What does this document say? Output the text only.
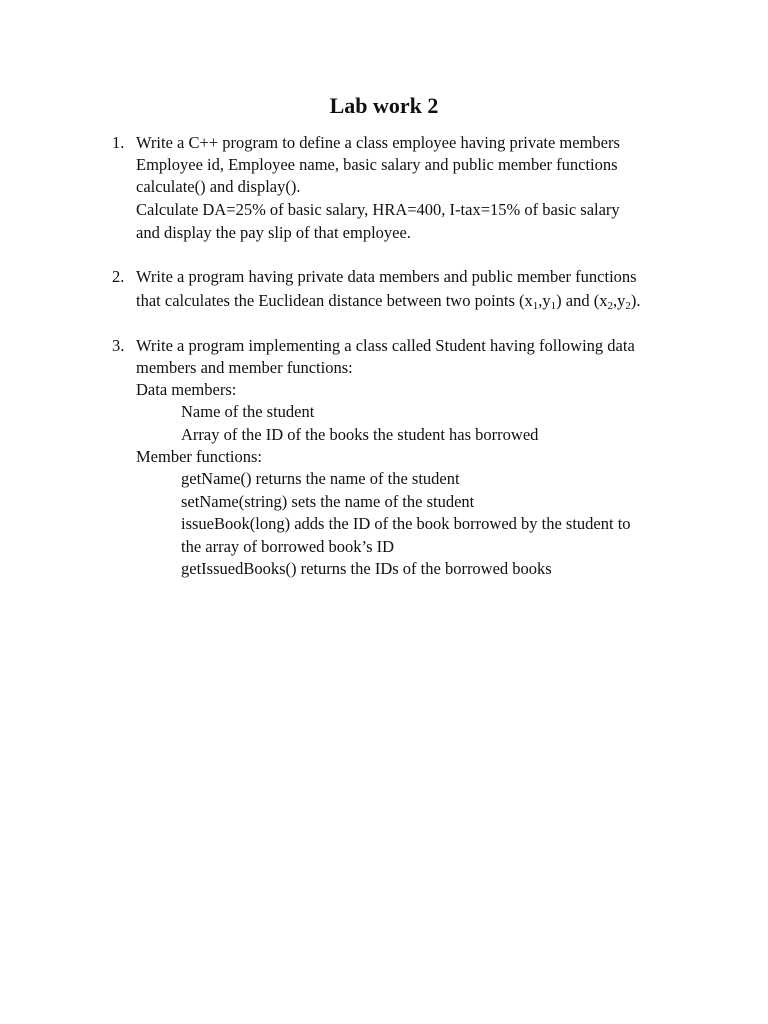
Lab work 2
1. Write a C++ program to define a class employee having private members
Employee id, Employee name, basic salary and public member functions
calculate() and display().
Calculate DA=25% of basic salary, HRA=400, I-tax=15% of basic salary
and display the pay slip of that employee.
2. Write a program having private data members and public member functions
that calculates the Euclidean distance between two points $(x_1,y_1)$ and $(x_2,y_2)$.
3. Write a program implementing a class called Student having following data
members and member functions:
Data members:
Name of the student
Array of the ID of the books the student has borrowed
Member functions:
getName() returns the name of the student
setName(string) sets the name of the student
issueBook(long) adds the ID of the book borrowed by the student to
the array of borrowed book’s ID
getIssuedBooks() returns the IDs of the borrowed books
